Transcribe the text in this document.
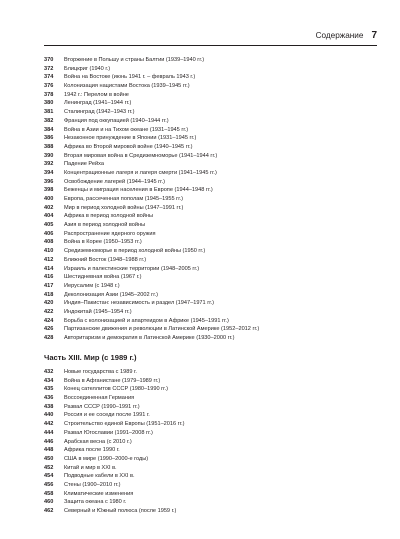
Содержание 7
370	Вторжение в Польшу и страны Балтии (1939–1940 гг.)
372	Блицкриг (1940 г.)
374	Война на Востоке (июнь 1941 г. – февраль 1943 г.)
376	Колонизация нацистами Востока (1939–1945 гг.)
378	1942 г.: Перелом в войне
380	Ленинград (1941–1944 гг.)
381	Сталинград (1942–1943 гг.)
382	Франция под оккупацией (1940–1944 гг.)
384	Война в Азии и на Тихом океане (1931–1945 гг.)
386	Незаконное принуждение в Японии (1931–1945 гг.)
388	Африка во Второй мировой войне (1940–1945 гг.)
390	Вторая мировая война в Средиземноморье (1941–1944 гг.)
392	Падение Рейха
394	Концентрационные лагеря и лагеря смерти (1941–1945 гг.)
396	Освобождение лагерей (1944–1945 гг.)
398	Беженцы и миграция населения в Европе (1944–1948 гг.)
400	Европа, рассеченная пополам (1945–1955 гг.)
402	Мир в период холодной войны (1947–1991 гг.)
404	Африка в период холодной войны
405	Азия в период холодной войны
406	Распространение ядерного оружия
408	Война в Корее (1950–1953 гг.)
410	Средиземноморье в период холодной войны (1950 гг.)
412	Ближний Восток (1948–1988 гг.)
414	Израиль и палестинские территории (1948–2005 гг.)
416	Шестидневная война (1967 г.)
417	Иерусалим (с 1948 г.)
418	Деколонизация Азии (1945–2002 гг.)
420	Индия–Пакистан: независимость и раздел (1947–1971 гг.)
422	Индокитай (1945–1954 гг.)
424	Борьба с колонизацией и апартеидом в Африке (1945–1991 гг.)
426	Партизанские движения и революции в Латинской Америке (1952–2012 гг.)
428	Авторитаризм и демократия в Латинской Америке (1930–2000 гг.)
Часть XIII. Мир (с 1989 г.)
432	Новые государства с 1989 г.
434	Война в Афганистане (1979–1989 гг.)
435	Конец сателлитов СССР (1980–1990 гг.)
436	Воссоединенная Германия
438	Развал СССР (1990–1991 гг.)
440	Россия и ее соседи после 1991 г.
442	Строительство единой Европы (1951–2016 гг.)
444	Развал Югославии (1991–2008 гг.)
446	Арабская весна (с 2010 г.)
448	Африка после 1990 г.
450	США в мире (1990–2000-е годы)
452	Китай и мир в XXI в.
454	Подводные кабели в XXI в.
456	Стены (1900–2010 гг.)
458	Климатические изменения
460	Защита океана с 1980 г.
462	Северный и Южный полюса (после 1959 г.)
